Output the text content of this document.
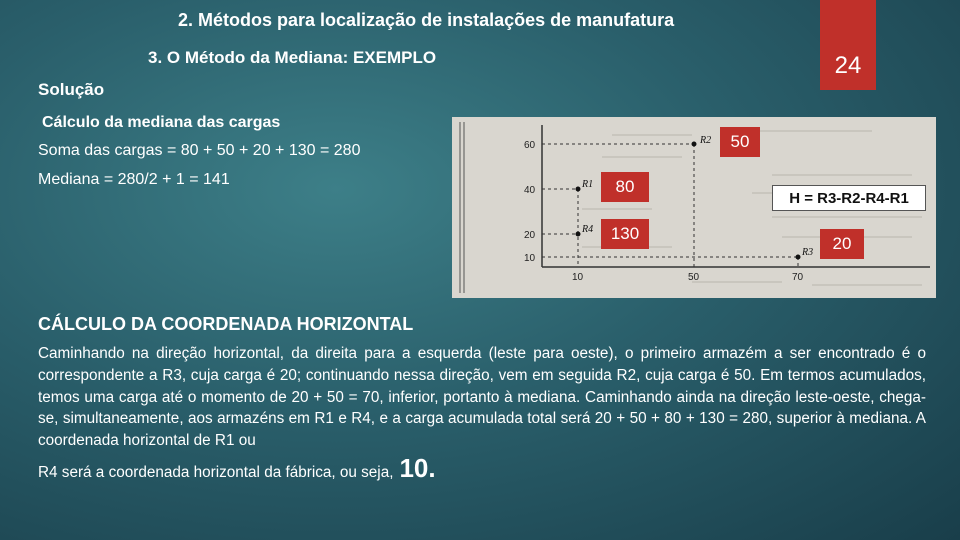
2. Métodos para localização de instalações de manufatura
3. O Método da Mediana: EXEMPLO	24
Solução
Cálculo da mediana das cargas
Soma das cargas = 80 + 50 + 20 + 130 = 280
Mediana = 280/2 + 1 = 141
60
40
20
10
10	50	70
R2
R1
R4
R3
50
80
130
20
H = R3-R2-R4-R1
CÁLCULO DA COORDENADA HORIZONTAL
Caminhando na direção horizontal, da direita para a esquerda (leste para oeste), o primeiro armazém a ser encontrado é o correspondente a R3, cuja carga é 20; continuando nessa direção, vem em seguida R2, cuja carga é 50. Em termos acumulados, temos uma carga até o momento de 20 + 50 = 70, inferior, portanto à mediana. Caminhando ainda na direção leste-oeste, chega-se, simultaneamente, aos armazéns em R1 e R4, e a carga acumulada total será 20 + 50 + 80 + 130 = 280, superior à mediana. A coordenada horizontal de R1 ou
R4 será a coordenada horizontal da fábrica, ou seja, 10.
